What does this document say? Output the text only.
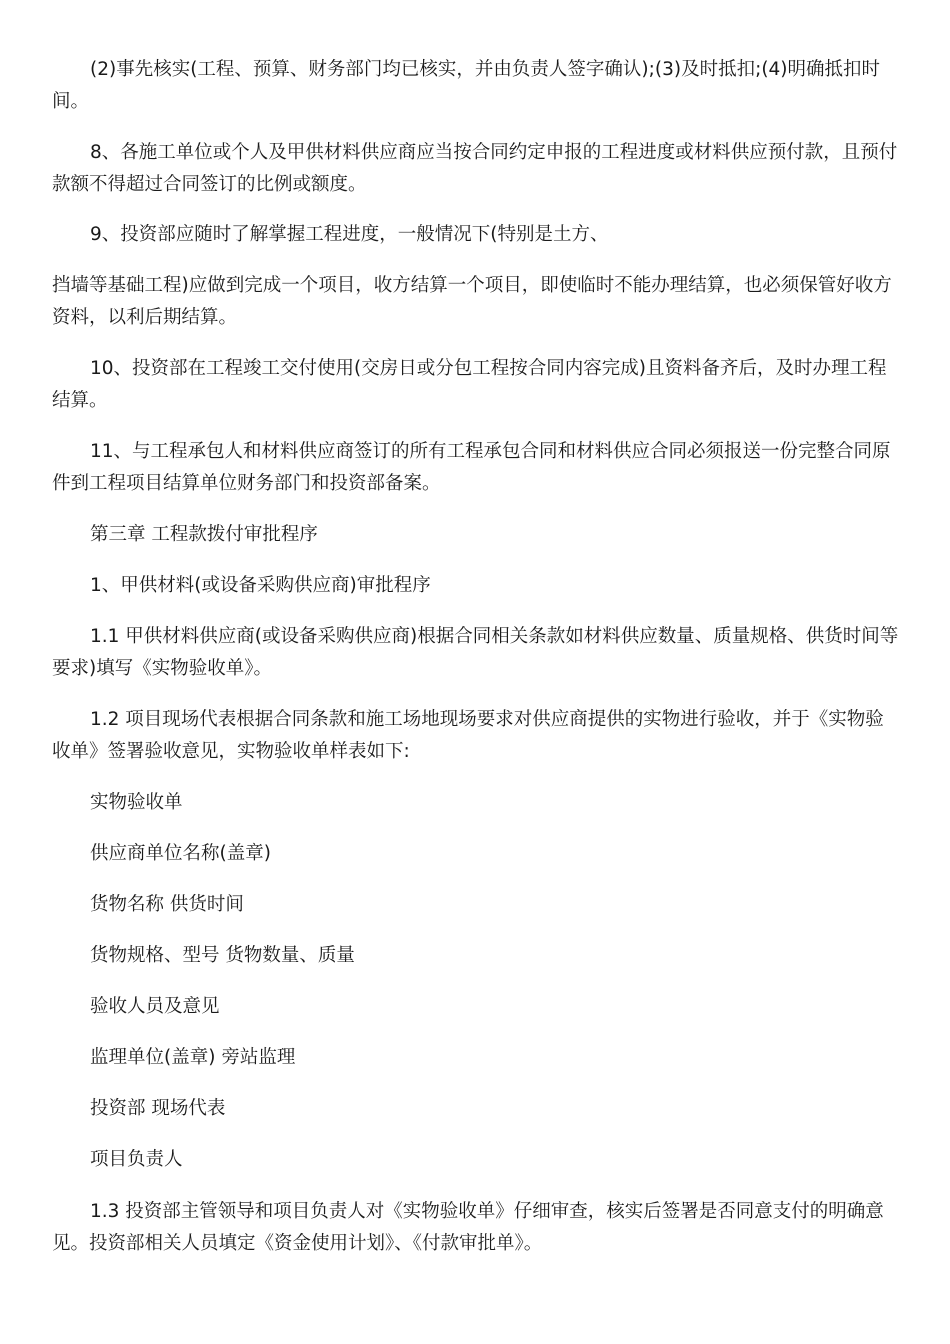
(2)事先核实(工程、预算、财务部门均已核实，并由负责人签字确认);(3)及时抵扣;(4)明确抵扣时间。

8、各施工单位或个人及甲供材料供应商应当按合同约定申报的工程进度或材料供应预付款，且预付款额不得超过合同签订的比例或额度。

9、投资部应随时了解掌握工程进度，一般情况下(特别是土方、

挡墙等基础工程)应做到完成一个项目，收方结算一个项目，即使临时不能办理结算，也必须保管好收方资料，以利后期结算。

10、投资部在工程竣工交付使用(交房日或分包工程按合同内容完成)且资料备齐后，及时办理工程结算。

11、与工程承包人和材料供应商签订的所有工程承包合同和材料供应合同必须报送一份完整合同原件到工程项目结算单位财务部门和投资部备案。

第三章 工程款拨付审批程序

1、甲供材料(或设备采购供应商)审批程序

1.1 甲供材料供应商(或设备采购供应商)根据合同相关条款如材料供应数量、质量规格、供货时间等要求)填写《实物验收单》。

1.2 项目现场代表根据合同条款和施工场地现场要求对供应商提供的实物进行验收，并于《实物验收单》签署验收意见，实物验收单样表如下:

实物验收单

供应商单位名称(盖章)

货物名称 供货时间

货物规格、型号 货物数量、质量

验收人员及意见

监理单位(盖章) 旁站监理

投资部 现场代表

项目负责人

1.3 投资部主管领导和项目负责人对《实物验收单》仔细审查，核实后签署是否同意支付的明确意见。投资部相关人员填定《资金使用计划》、《付款审批单》。
